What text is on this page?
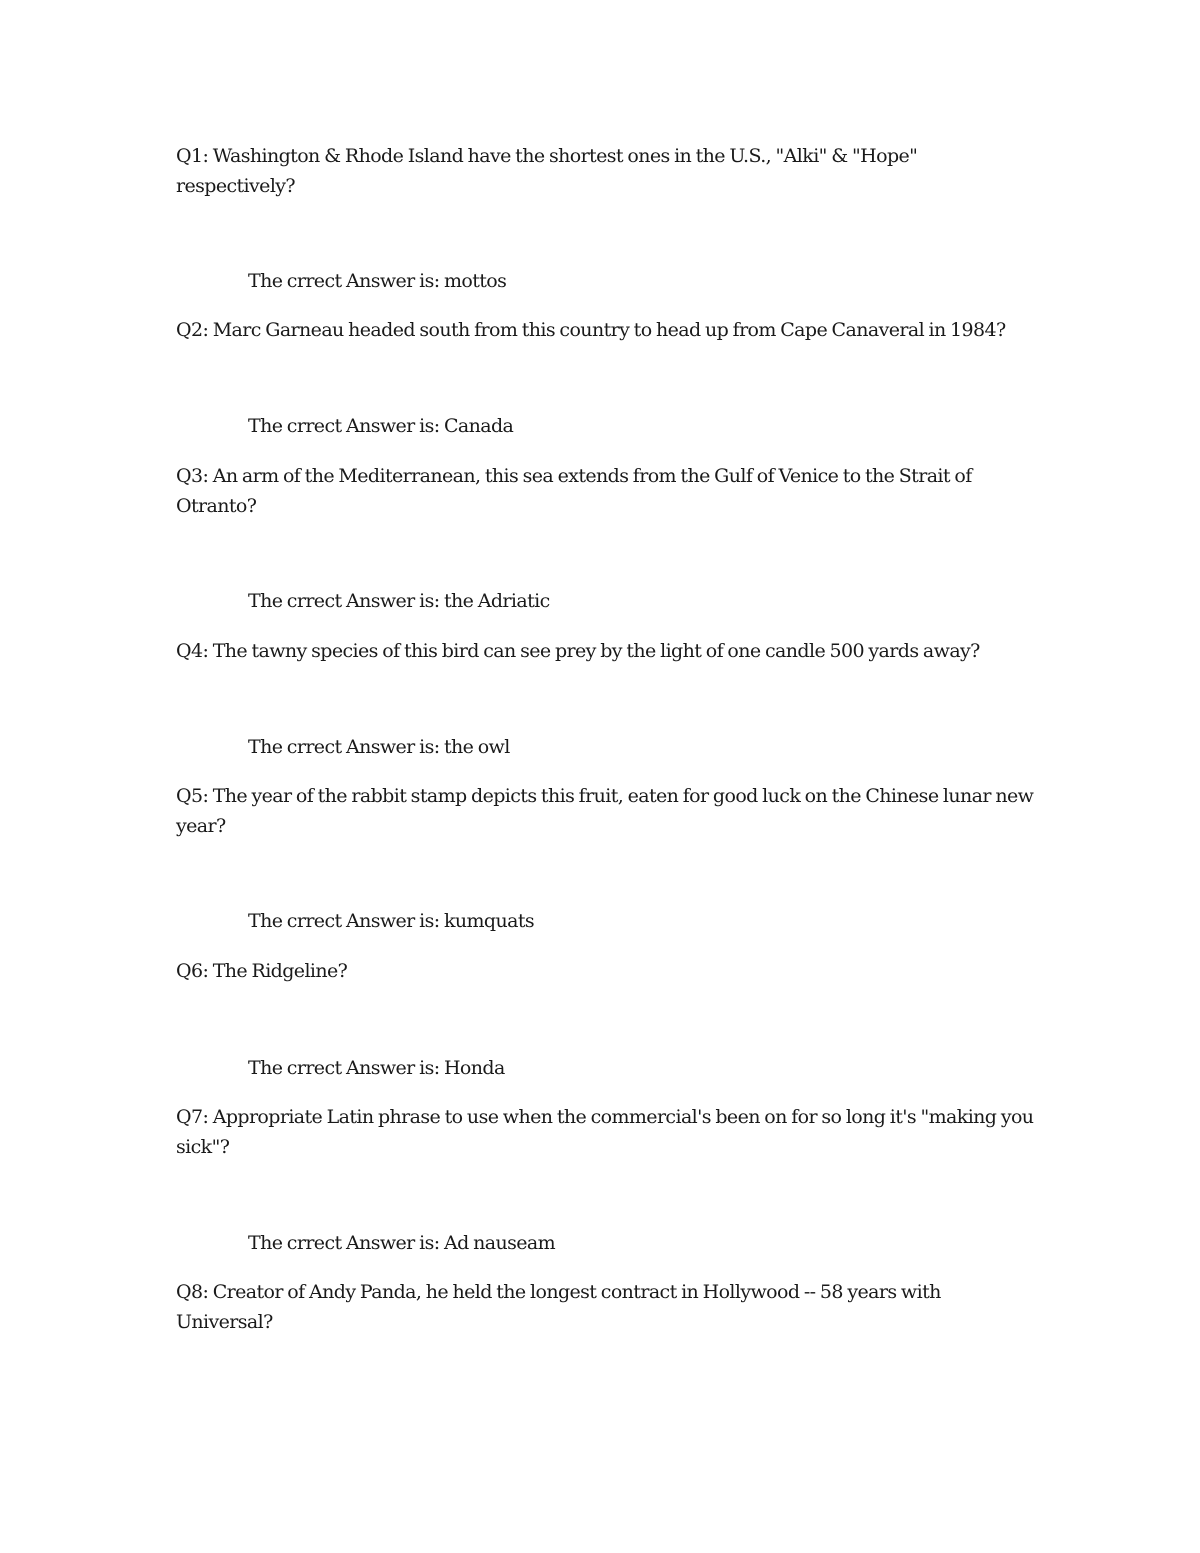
Q1: Washington & Rhode Island have the shortest ones in the U.S., "Alki" & "Hope" respectively?
The crrect Answer is: mottos
Q2: Marc Garneau headed south from this country to head up from Cape Canaveral in 1984?
The crrect Answer is: Canada
Q3: An arm of the Mediterranean, this sea extends from the Gulf of Venice to the Strait of Otranto?
The crrect Answer is: the Adriatic
Q4: The tawny species of this bird can see prey by the light of one candle 500 yards away?
The crrect Answer is: the owl
Q5: The year of the rabbit stamp depicts this fruit, eaten for good luck on the Chinese lunar new year?
The crrect Answer is: kumquats
Q6: The Ridgeline?
The crrect Answer is: Honda
Q7: Appropriate Latin phrase to use when the commercial's been on for so long it's "making you sick"?
The crrect Answer is: Ad nauseam
Q8: Creator of Andy Panda, he held the longest contract in Hollywood -- 58 years with Universal?
